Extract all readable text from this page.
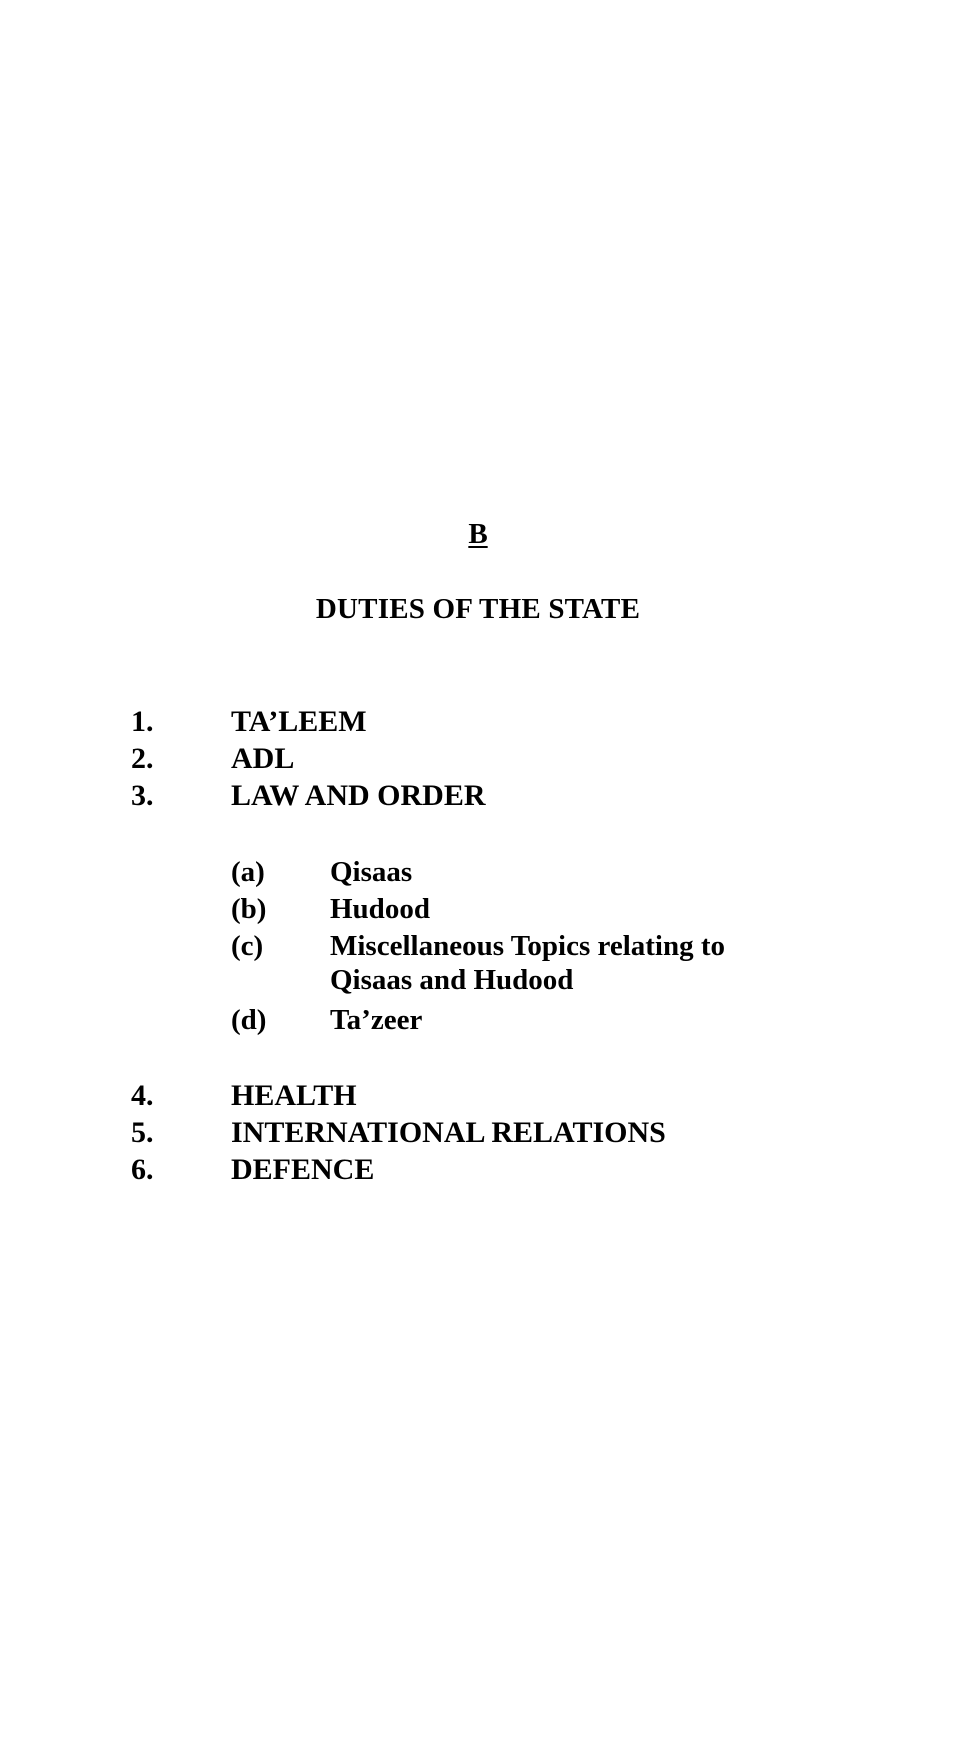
B
DUTIES OF THE STATE
1.	TA’LEEM
2.	ADL
3.	LAW AND ORDER
(a) Qisaas
(b) Hudood
(c) Miscellaneous Topics relating to
Qisaas and Hudood
(d) Ta’zeer
4.	HEALTH
5.	INTERNATIONAL RELATIONS
6.	DEFENCE
